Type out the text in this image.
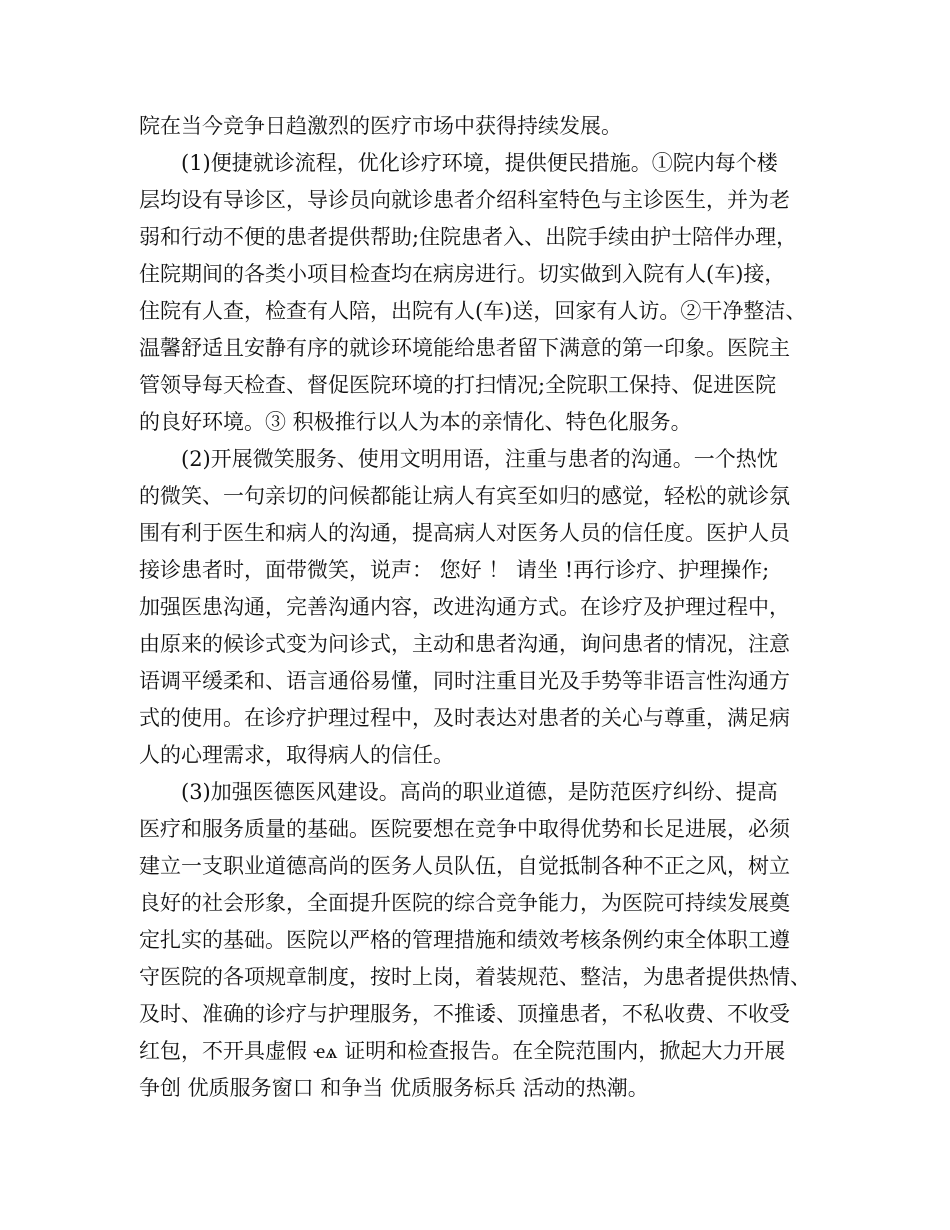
院在当今竞争日趋激烈的医疗市场中获得持续发展。

(1)便捷就诊流程，优化诊疗环境，提供便民措施。①院内每个楼

层均设有导诊区，导诊员向就诊患者介绍科室特色与主诊医生，并为老

弱和行动不便的患者提供帮助;住院患者入、出院手续由护士陪伴办理，

住院期间的各类小项目检查均在病房进行。切实做到入院有人(车)接，

住院有人查，检查有人陪，出院有人(车)送，回家有人访。②干净整洁、

温馨舒适且安静有序的就诊环境能给患者留下满意的第一印象。医院主

管领导每天检查、督促医院环境的打扫情况;全院职工保持、促进医院

的良好环境。③ 积极推行以人为本的亲情化、特色化服务。

(2)开展微笑服务、使用文明用语，注重与患者的沟通。一个热忱

的微笑、一句亲切的问候都能让病人有宾至如归的感觉，轻松的就诊氛

围有利于医生和病人的沟通，提高病人对医务人员的信任度。医护人员

接诊患者时，面带微笑，说声： 您好 ！ 请坐 !再行诊疗、护理操作;

加强医患沟通，完善沟通内容，改进沟通方式。在诊疗及护理过程中，

由原来的候诊式变为问诊式，主动和患者沟通，询问患者的情况，注意

语调平缓柔和、语言通俗易懂，同时注重目光及手势等非语言性沟通方

式的使用。在诊疗护理过程中，及时表达对患者的关心与尊重，满足病

人的心理需求，取得病人的信任。

(3)加强医德医风建设。高尚的职业道德，是防范医疗纠纷、提高

医疗和服务质量的基础。医院要想在竞争中取得优势和长足进展，必须

建立一支职业道德高尚的医务人员队伍，自觉抵制各种不正之风，树立

良好的社会形象，全面提升医院的综合竞争能力，为医院可持续发展奠

定扎实的基础。医院以严格的管理措施和绩效考核条例约束全体职工遵

守医院的各项规章制度，按时上岗，着装规范、整洁，为患者提供热情、

及时、准确的诊疗与护理服务，不推诿、顶撞患者，不私收费、不收受

红包，不开具虚假 ҽѧ 证明和检查报告。在全院范围内，掀起大力开展

争创 优质服务窗口 和争当 优质服务标兵 活动的热潮。
